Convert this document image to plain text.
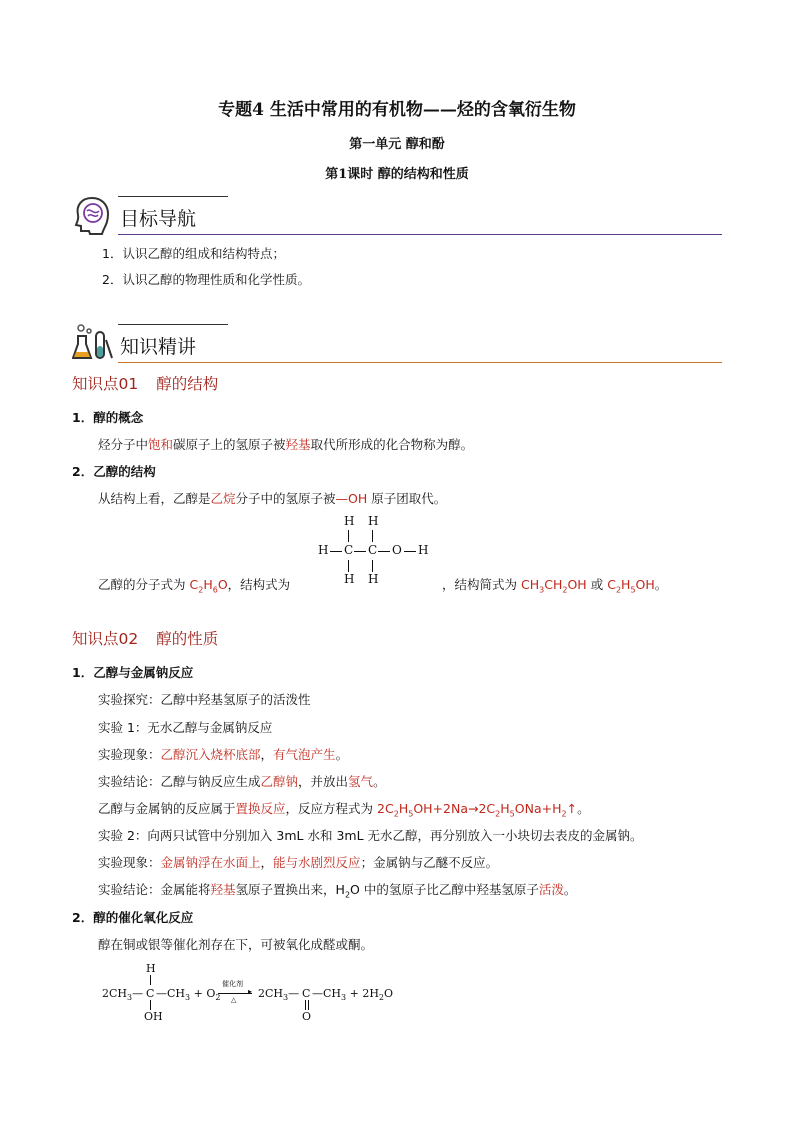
专题4 生活中常用的有机物——烃的含氧衍生物
第一单元 醇和酚
第1课时 醇的结构和性质
目标导航
1．认识乙醇的组成和结构特点；
2．认识乙醇的物理性质和化学性质。
知识精讲
知识点01 醇的结构
1．醇的概念
烃分子中饱和碳原子上的氢原子被羟基取代所形成的化合物称为醇。
2．乙醇的结构
从结构上看，乙醇是乙烷分子中的氢原子被—OH 原子团取代。
H H
H C C O H
H H
乙醇的分子式为 $C_2H_6O$，结构式为	，结构简式为 $CH_3CH_2OH$ 或 $C_2H_5OH$。
知识点02 醇的性质
1．乙醇与金属钠反应
实验探究：乙醇中羟基氢原子的活泼性
实验 1：无水乙醇与金属钠反应
实验现象：乙醇沉入烧杯底部，有气泡产生。
实验结论：乙醇与钠反应生成乙醇钠，并放出氢气。
乙醇与金属钠的反应属于置换反应，反应方程式为 $2C_2H_5OH+2Na\to 2C_2H_5ONa+H_2↑$。
实验 2：向两只试管中分别加入 3mL 水和 3mL 无水乙醇，再分别放入一小块切去表皮的金属钠。
实验现象：金属钠浮在水面上，能与水剧烈反应；金属钠与乙醚不反应。
实验结论：金属能将羟基氢原子置换出来，$H_2O$ 中的氢原子比乙醇中羟基氢原子活泼。
2．醇的催化氧化反应
醇在铜或银等催化剂存在下，可被氧化成醛或酮。
H
$2CH_3—$ C $—CH_3 + O_2$
OH
催化剂
▸
△ $2CH_3—$ C $—CH_3 + 2H_2O$
O
